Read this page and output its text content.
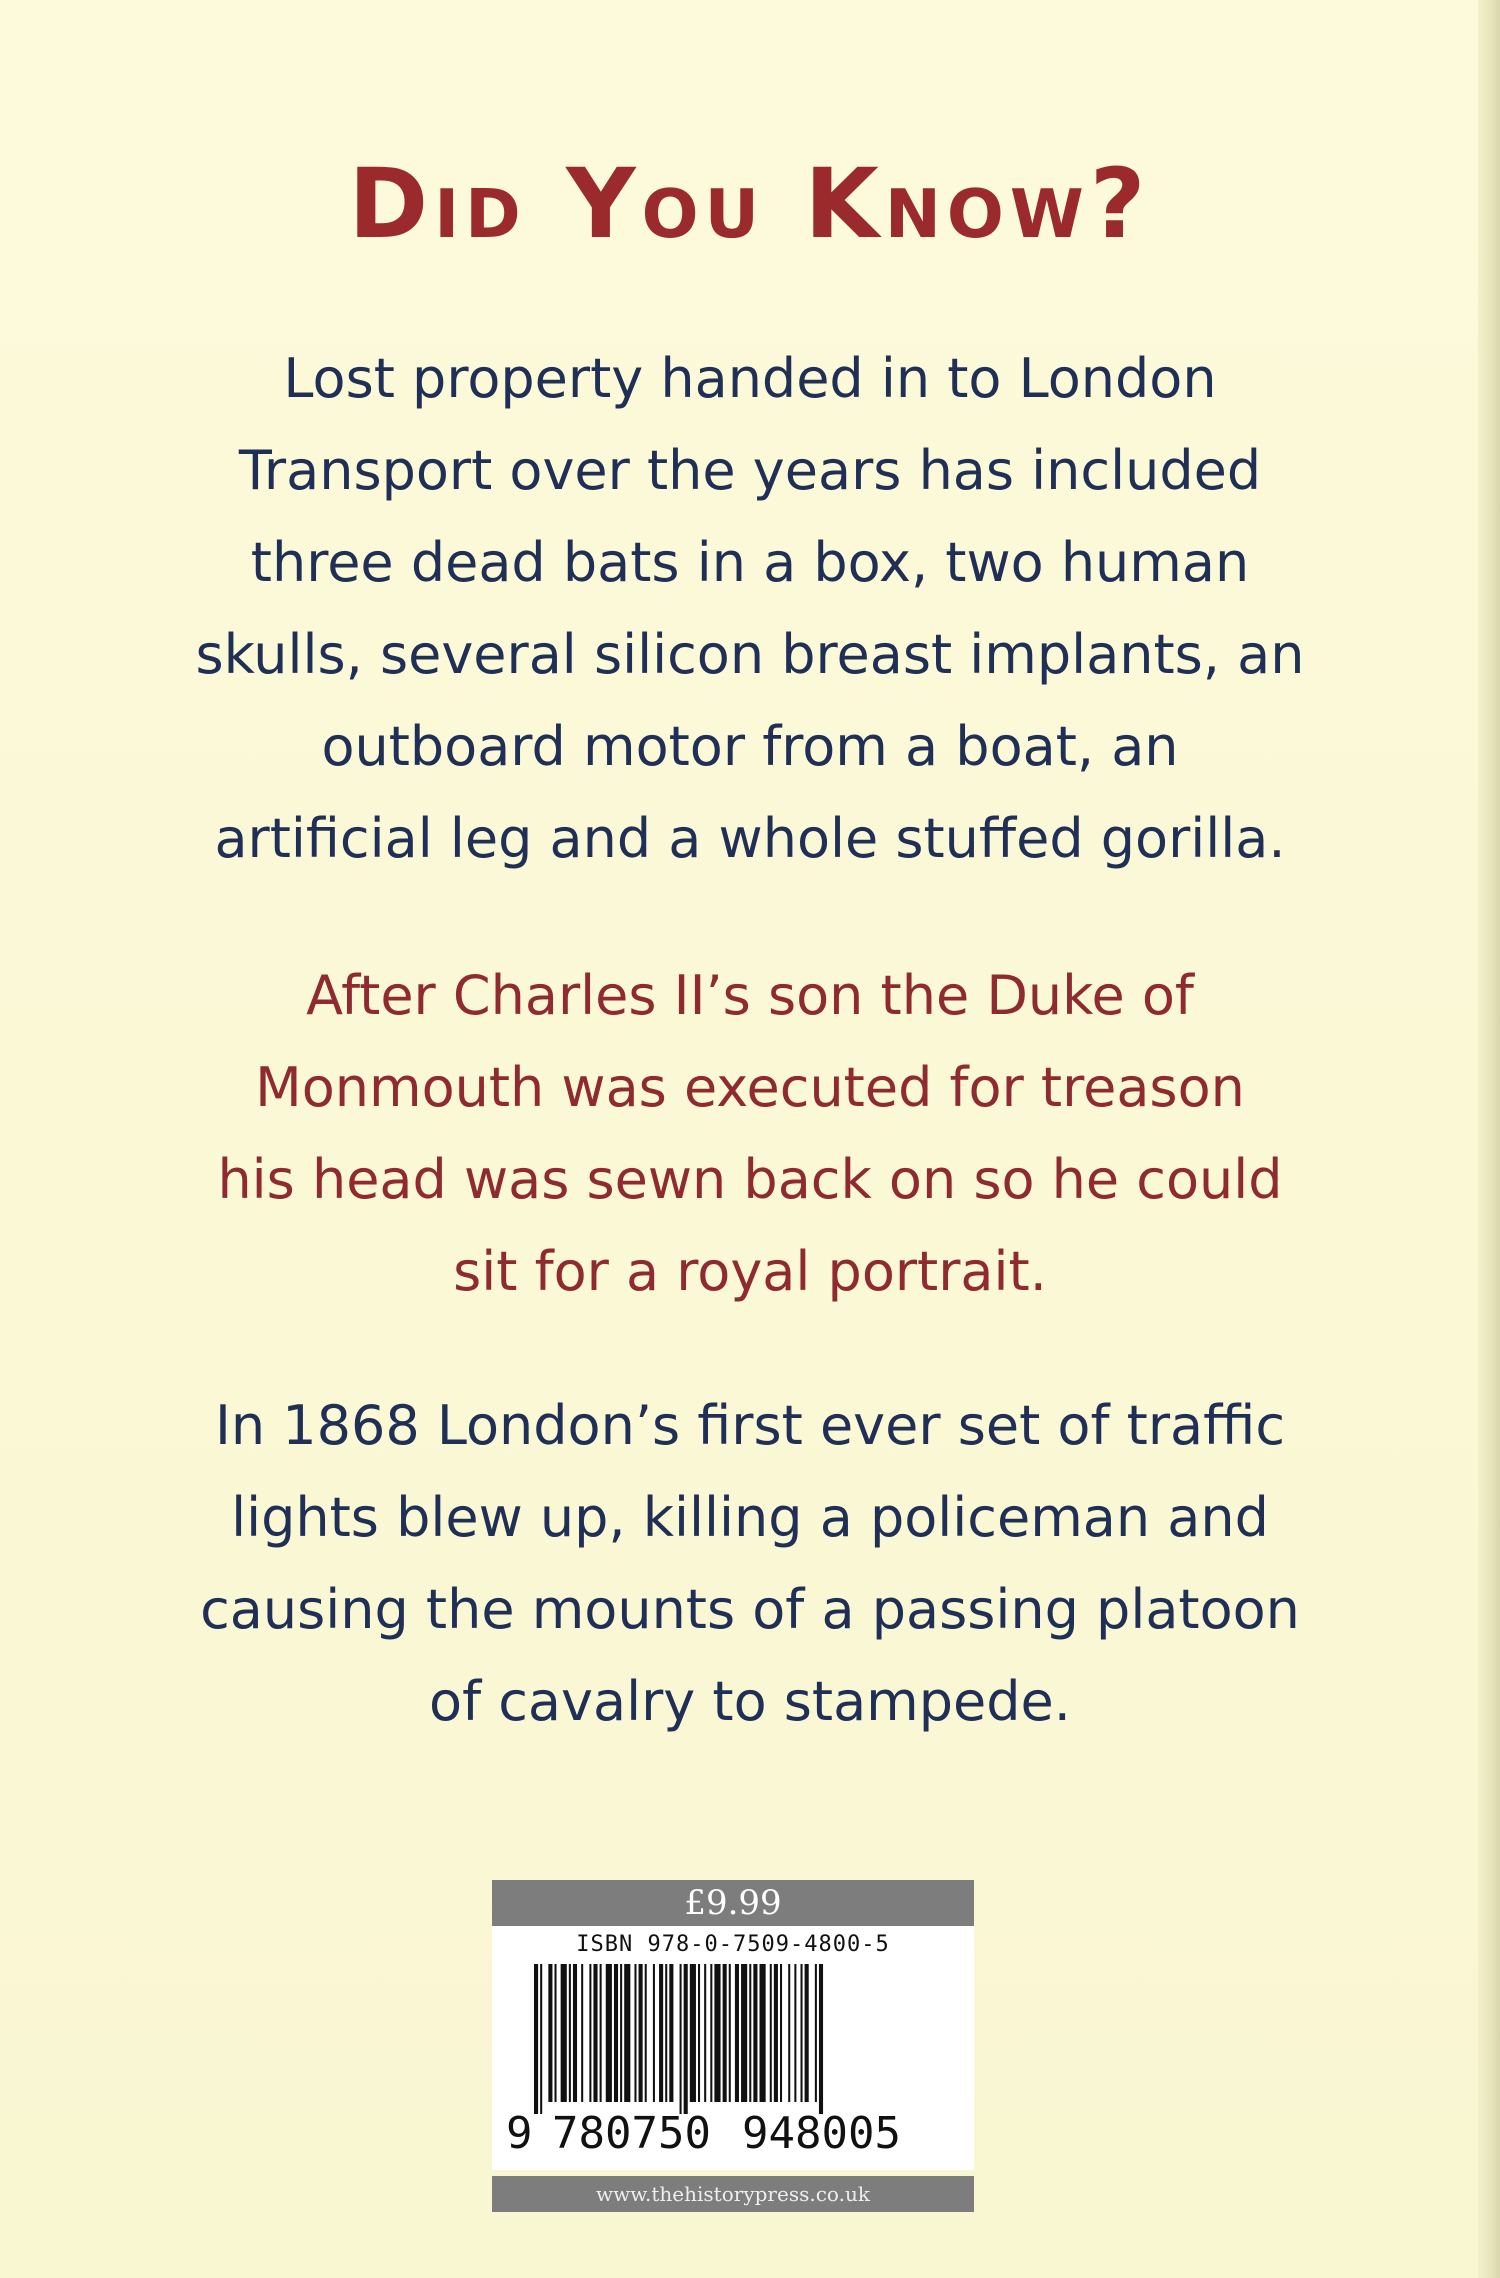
Did You Know?
Lost property handed in to London
Transport over the years has included
three dead bats in a box, two human
skulls, several silicon breast implants, an
outboard motor from a boat, an
artificial leg and a whole stuffed gorilla.
After Charles II’s son the Duke of
Monmouth was executed for treason
his head was sewn back on so he could
sit for a royal portrait.
In 1868 London’s first ever set of traffic
lights blew up, killing a policeman and
causing the mounts of a passing platoon
of cavalry to stampede.
£9.99
ISBN 978-0-7509-4800-5
9 780750 948005
www.thehistorypress.co.uk
